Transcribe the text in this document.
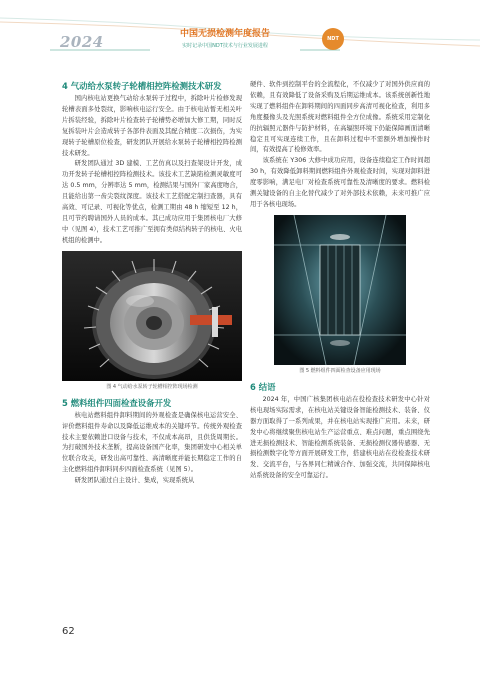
2024	中国无损检测年度报告
实时记录中国NDT技术与行业发展进程
NDT
4 气动给水泵转子轮槽相控阵检测技术研发

国内核电站更换气动给水泵转子过程中，拆除叶片检修发现轮槽表面多处裂纹，影响核电运行安全。由于核电站暂无相关叶片拆装经验，拆除叶片检查转子轮槽势必增加大修工期，同时反复拆装叶片会造成转子各部件表面及其配合精度二次损伤，为实现转子轮槽原位检查，研发团队开展给水泵转子轮槽相控阵检测技术研发。

研发团队通过 3D 建模、工艺仿真以及扫查架设计开发，成功开发转子轮槽相控阵检测技术。该技术工艺缺陷检测灵敏度可达 0.5 mm，分辨率达 5 mm，检测结果与国外厂家高度吻合，且能给出第一齿尖裂纹深度。该技术工艺搭配定制扫查器，具有高效、可记录、可视化等优点，检测工期由 48 h 缩短至 12 h，且可节约聘请国外人员的成本。其已成功应用于集团核电厂大修中（见图 4），技术工艺可推广至拥有类似结构转子的核电、火电机组的检测中。

图 4 气动给水泵转子轮槽相控阵现场检测
5 燃料组件四面检查设备开发

核电站燃料组件卸料期间的外观检查是确保核电运营安全、评价燃料组件寿命以及降低运维成本的关键环节。传统外观检查技术主要依赖进口设备与技术，不仅成本高昂，且供货周期长。为打破国外技术垄断，提高设备国产化率，集团研发中心相关单位联合攻关，研发出高可靠性、高清晰度并能长期稳定工作的自主化燃料组件卸料同步四面检查系统（见图 5）。

研发团队通过自主设计、集成，实现系统从

硬件、软件到控制平台的全流程化，不仅减少了对国外供应商的依赖，且有效降低了设备采购及后期运维成本。该系统创新性地实现了燃料组件在卸料期间的四面同步高清可视化检查，利用多角度摄像头及光照系统对燃料组件全方位成像。系统采用定制化的抗辐照元器件与防护材料，在高辐照环境下仍能保障画面清晰稳定且可实现连续工作，且在卸料过程中不需额外增加操作时间，有效提高了检修效率。

该系统在 Y306 大修中成功应用，设备连续稳定工作时间超 30 h，有效降低卸料期间燃料组件外观检查时间，实现对卸料进度零影响，满足电厂对检查系统可靠性及清晰度的要求。燃料检测关键设备的自主化替代减少了对外部技术依赖，未来可推广应用于各核电现场。

图 5 燃料组件四面检查设备应用现场
6 结语

2024 年，中国广核集团核电站在役检查技术研发中心针对核电现场实际需求，在核电站关键设备智能检测技术、装备、仪器方面取得了一系列成果，并在核电站实现推广应用。未来，研发中心将继续聚焦核电站生产运营重点、难点问题，重点围绕先进无损检测技术、智能检测系统装备、无损检测仪器传感器、无损检测数字化等方面开展研发工作，搭建核电站在役检查技术研发、交流平台，与各界同仁精诚合作、加强交流，共同保障核电站系统设备的安全可靠运行。

62
